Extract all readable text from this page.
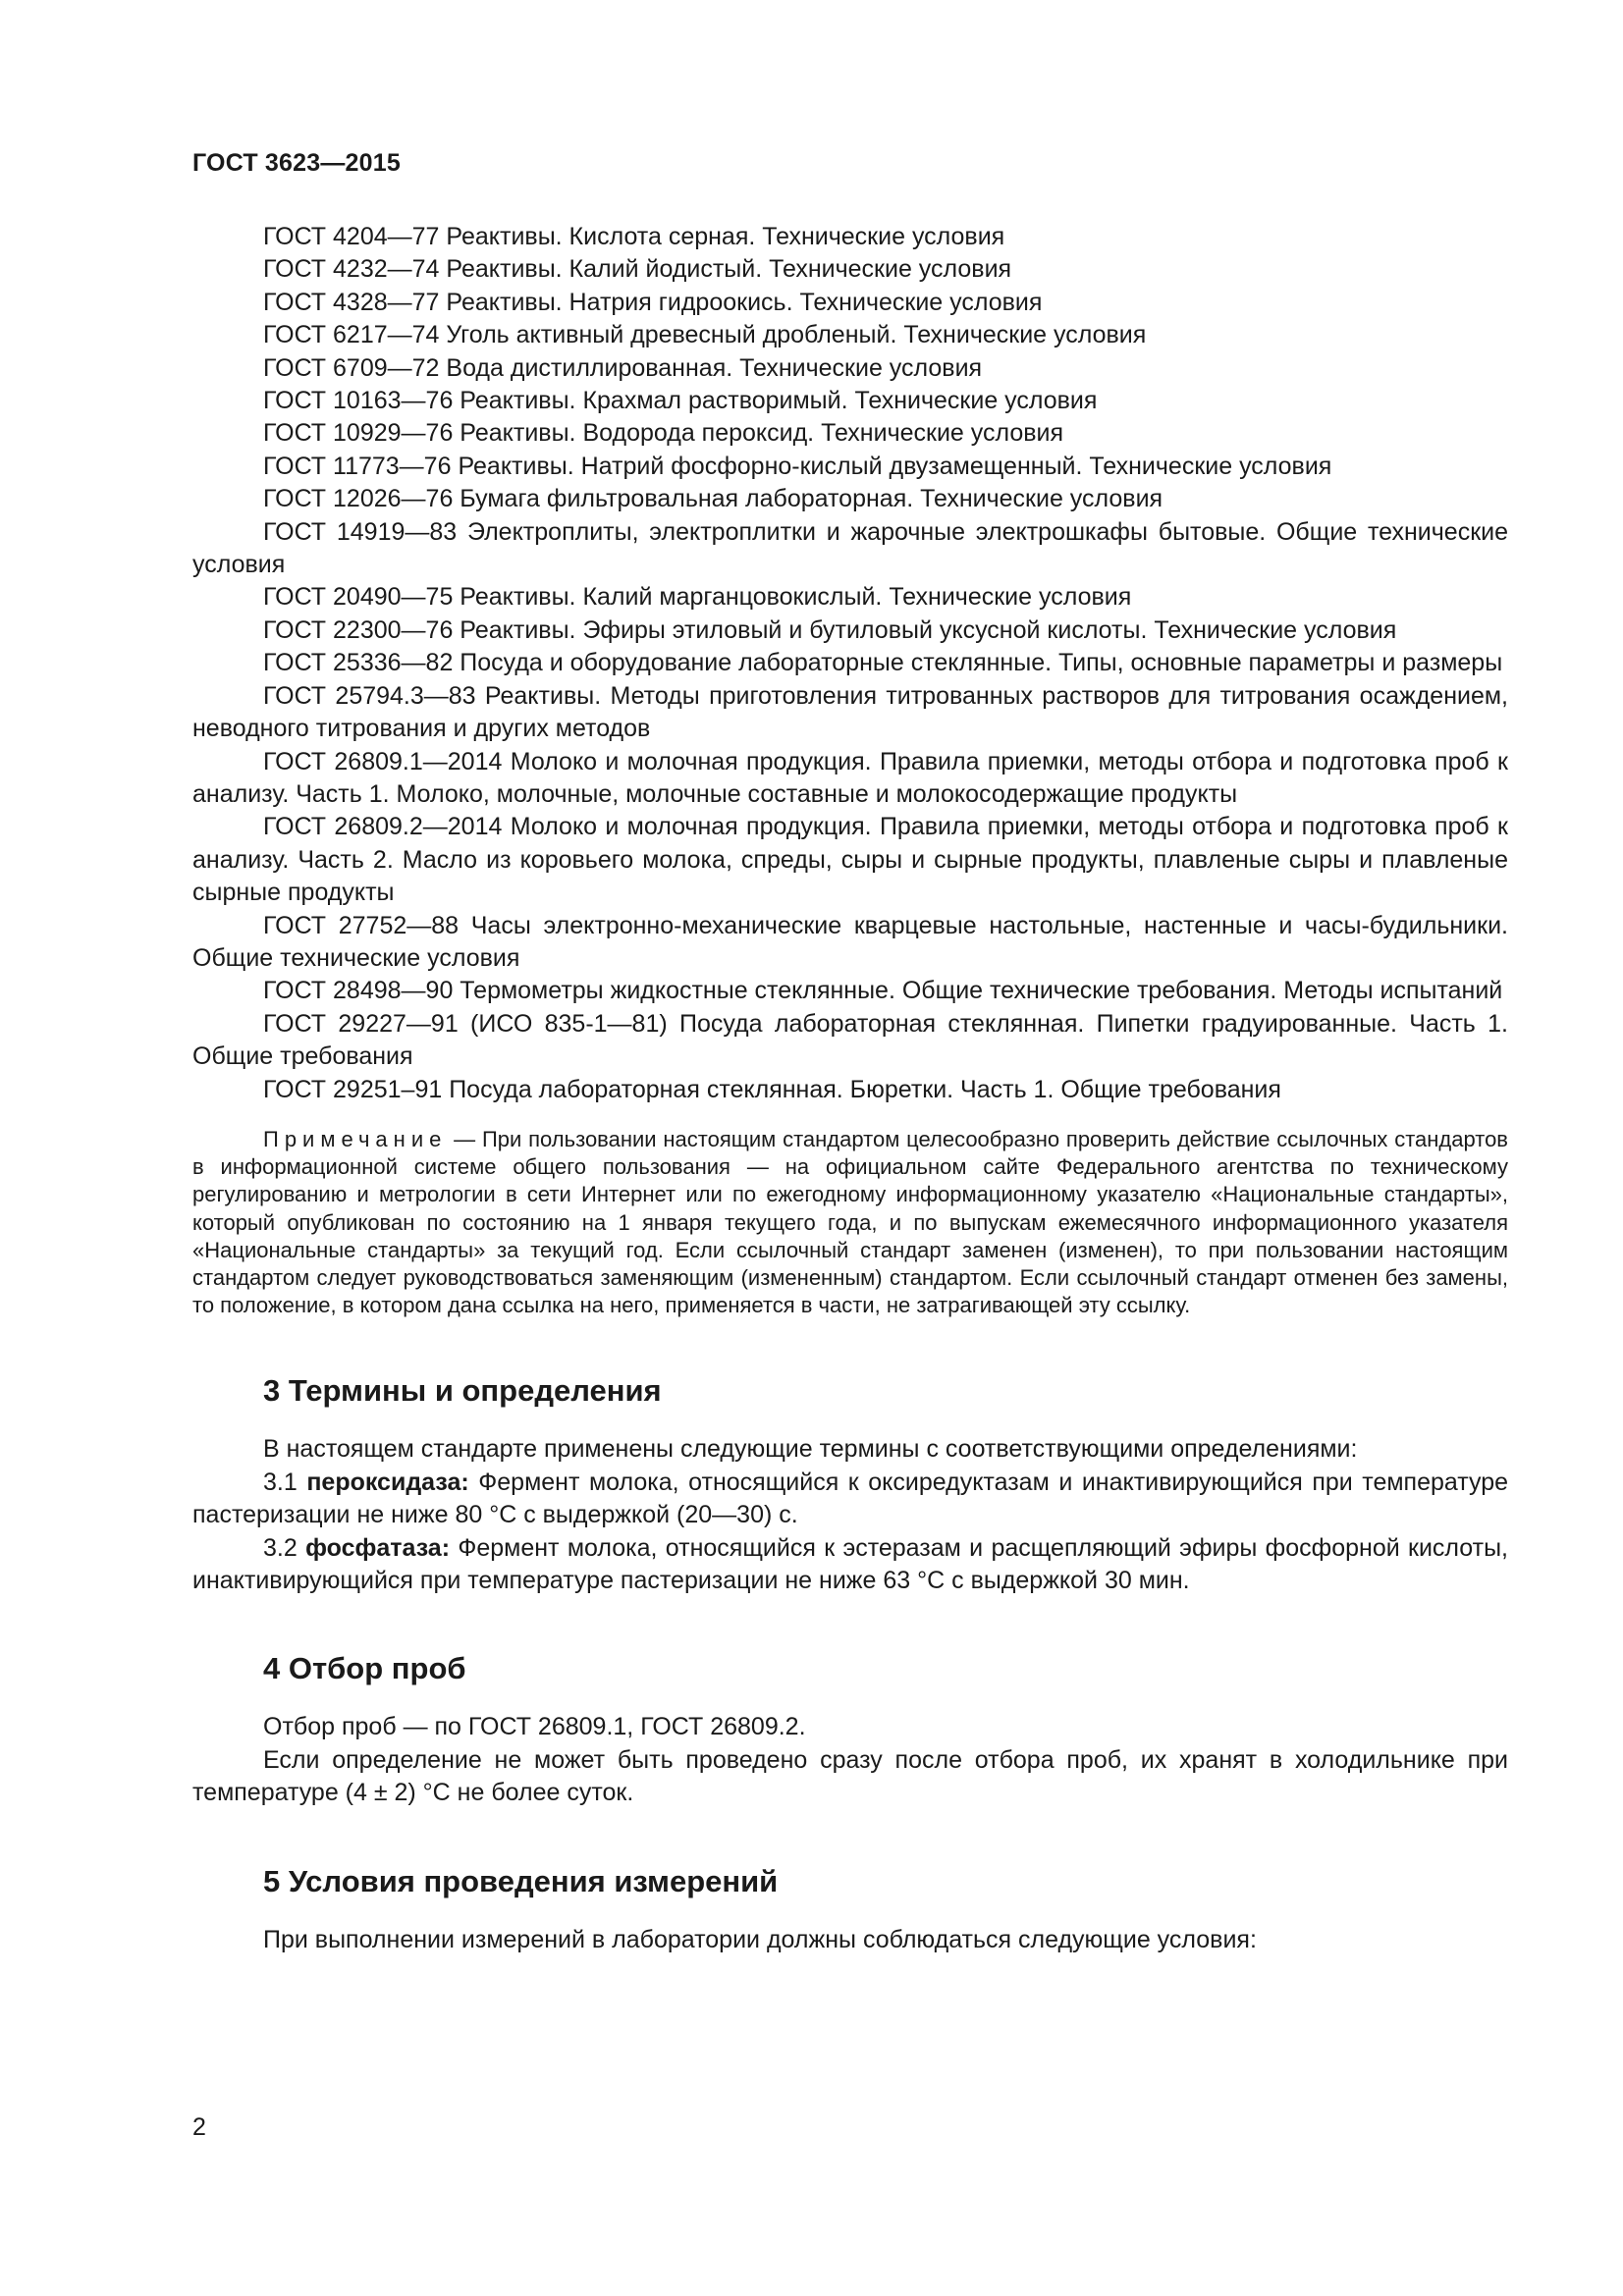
ГОСТ 3623—2015

ГОСТ 4204—77 Реактивы. Кислота серная. Технические условия

ГОСТ 4232—74 Реактивы. Калий йодистый. Технические условия

ГОСТ 4328—77 Реактивы. Натрия гидроокись. Технические условия

ГОСТ 6217—74 Уголь активный древесный дробленый. Технические условия

ГОСТ 6709—72 Вода дистиллированная. Технические условия

ГОСТ 10163—76 Реактивы. Крахмал растворимый. Технические условия

ГОСТ 10929—76 Реактивы. Водорода пероксид. Технические условия

ГОСТ 11773—76 Реактивы. Натрий фосфорно-кислый двузамещенный. Технические условия

ГОСТ 12026—76 Бумага фильтровальная лабораторная. Технические условия

ГОСТ 14919—83 Электроплиты, электроплитки и жарочные электрошкафы бытовые. Общие технические условия

ГОСТ 20490—75 Реактивы. Калий марганцовокислый. Технические условия

ГОСТ 22300—76 Реактивы. Эфиры этиловый и бутиловый уксусной кислоты. Технические условия

ГОСТ 25336—82 Посуда и оборудование лабораторные стеклянные. Типы, основные параметры и размеры

ГОСТ 25794.3—83 Реактивы. Методы приготовления титрованных растворов для титрования осаждением, неводного титрования и других методов

ГОСТ 26809.1—2014 Молоко и молочная продукция. Правила приемки, методы отбора и подготовка проб к анализу. Часть 1. Молоко, молочные, молочные составные и молокосодержащие продукты

ГОСТ 26809.2—2014 Молоко и молочная продукция. Правила приемки, методы отбора и подготовка проб к анализу. Часть 2. Масло из коровьего молока, спреды, сыры и сырные продукты, плавленые сыры и плавленые сырные продукты

ГОСТ 27752—88 Часы электронно-механические кварцевые настольные, настенные и часы-будильники. Общие технические условия

ГОСТ 28498—90 Термометры жидкостные стеклянные. Общие технические требования. Методы испытаний

ГОСТ 29227—91 (ИСО 835-1—81) Посуда лабораторная стеклянная. Пипетки градуированные. Часть 1. Общие требования

ГОСТ 29251–91 Посуда лабораторная стеклянная. Бюретки. Часть 1. Общие требования

Примечание — При пользовании настоящим стандартом целесообразно проверить действие ссылочных стандартов в информационной системе общего пользования — на официальном сайте Федерального агентства по техническому регулированию и метрологии в сети Интернет или по ежегодному информационному указателю «Национальные стандарты», который опубликован по состоянию на 1 января текущего года, и по выпускам ежемесячного информационного указателя «Национальные стандарты» за текущий год. Если ссылочный стандарт заменен (изменен), то при пользовании настоящим стандартом следует руководствоваться заменяющим (измененным) стандартом. Если ссылочный стандарт отменен без замены, то положение, в котором дана ссылка на него, применяется в части, не затрагивающей эту ссылку.

3 Термины и определения

В настоящем стандарте применены следующие термины с соответствующими определениями:

3.1 пероксидаза: Фермент молока, относящийся к оксиредуктазам и инактивирующийся при температуре пастеризации не ниже 80 °С с выдержкой (20—30) с.

3.2 фосфатаза: Фермент молока, относящийся к эстеразам и расщепляющий эфиры фосфорной кислоты, инактивирующийся при температуре пастеризации не ниже 63 °С с выдержкой 30 мин.

4 Отбор проб

Отбор проб — по ГОСТ 26809.1, ГОСТ 26809.2.

Если определение не может быть проведено сразу после отбора проб, их хранят в холодильнике при температуре (4 ± 2) °С не более суток.

5 Условия проведения измерений

При выполнении измерений в лаборатории должны соблюдаться следующие условия:

2
